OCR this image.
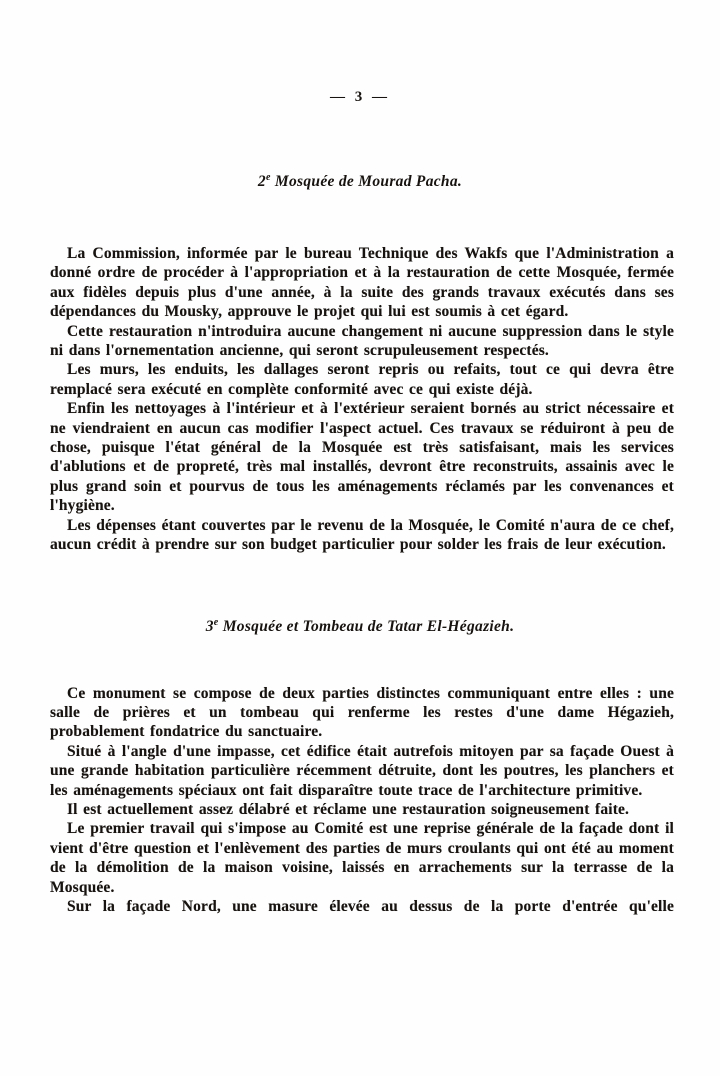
— 3 —
2e Mosquée de Mourad Pacha.

La Commission, informée par le bureau Technique des Wakfs que l'Administration a donné ordre de procéder à l'appropriation et à la restauration de cette Mosquée, fermée aux fidèles depuis plus d'une année, à la suite des grands travaux exécutés dans ses dépendances du Mousky, approuve le projet qui lui est soumis à cet égard.

Cette restauration n'introduira aucune changement ni aucune suppression dans le style ni dans l'ornementation ancienne, qui seront scrupuleusement respectés.

Les murs, les enduits, les dallages seront repris ou refaits, tout ce qui devra être remplacé sera exécuté en complète conformité avec ce qui existe déjà.

Enfin les nettoyages à l'intérieur et à l'extérieur seraient bornés au strict nécessaire et ne viendraient en aucun cas modifier l'aspect actuel. Ces travaux se réduiront à peu de chose, puisque l'état général de la Mosquée est très satisfaisant, mais les services d'ablutions et de propreté, très mal installés, devront être reconstruits, assainis avec le plus grand soin et pourvus de tous les aménagements réclamés par les convenances et l'hygiène.

Les dépenses étant couvertes par le revenu de la Mosquée, le Comité n'aura de ce chef, aucun crédit à prendre sur son budget particulier pour solder les frais de leur exécution.

3e Mosquée et Tombeau de Tatar El-Hégazieh.

Ce monument se compose de deux parties distinctes communiquant entre elles : une salle de prières et un tombeau qui renferme les restes d'une dame Hégazieh, probablement fondatrice du sanctuaire.

Situé à l'angle d'une impasse, cet édifice était autrefois mitoyen par sa façade Ouest à une grande habitation particulière récemment détruite, dont les poutres, les planchers et les aménagements spéciaux ont fait disparaître toute trace de l'architecture primitive.

Il est actuellement assez délabré et réclame une restauration soigneusement faite.

Le premier travail qui s'impose au Comité est une reprise générale de la façade dont il vient d'être question et l'enlèvement des parties de murs croulants qui ont été au moment de la démolition de la maison voisine, laissés en arrachements sur la terrasse de la Mosquée.

Sur la façade Nord, une masure élevée au dessus de la porte d'entrée qu'elle
